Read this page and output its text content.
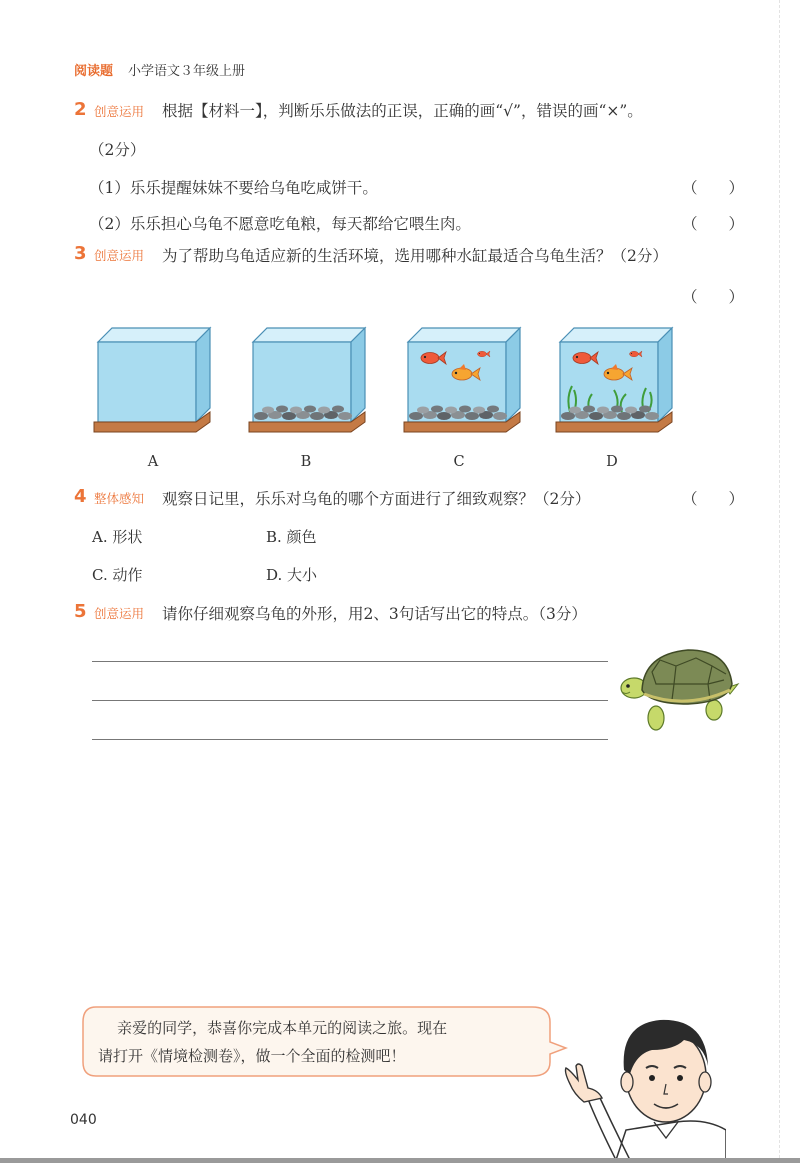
阅读题 小学语文３年级上册
2 创意运用 根据【材料一】，判断乐乐做法的正误，正确的画“√”，错误的画“×”。
（2分）
（1）乐乐提醒妹妹不要给乌龟吃咸饼干。	（　　）
（2）乐乐担心乌龟不愿意吃龟粮，每天都给它喂生肉。	（　　）
3 创意运用 为了帮助乌龟适应新的生活环境，选用哪种水缸最适合乌龟生活？（2分）
（　　）
A	B	C	D
4 整体感知 观察日记里，乐乐对乌龟的哪个方面进行了细致观察？（2分）	（　　）
A. 形状	B. 颜色
C. 动作	D. 大小
5 创意运用 请你仔细观察乌龟的外形，用2、3句话写出它的特点。（3分）
亲爱的同学，恭喜你完成本单元的阅读之旅。现在
请打开《情境检测卷》，做一个全面的检测吧！
040
